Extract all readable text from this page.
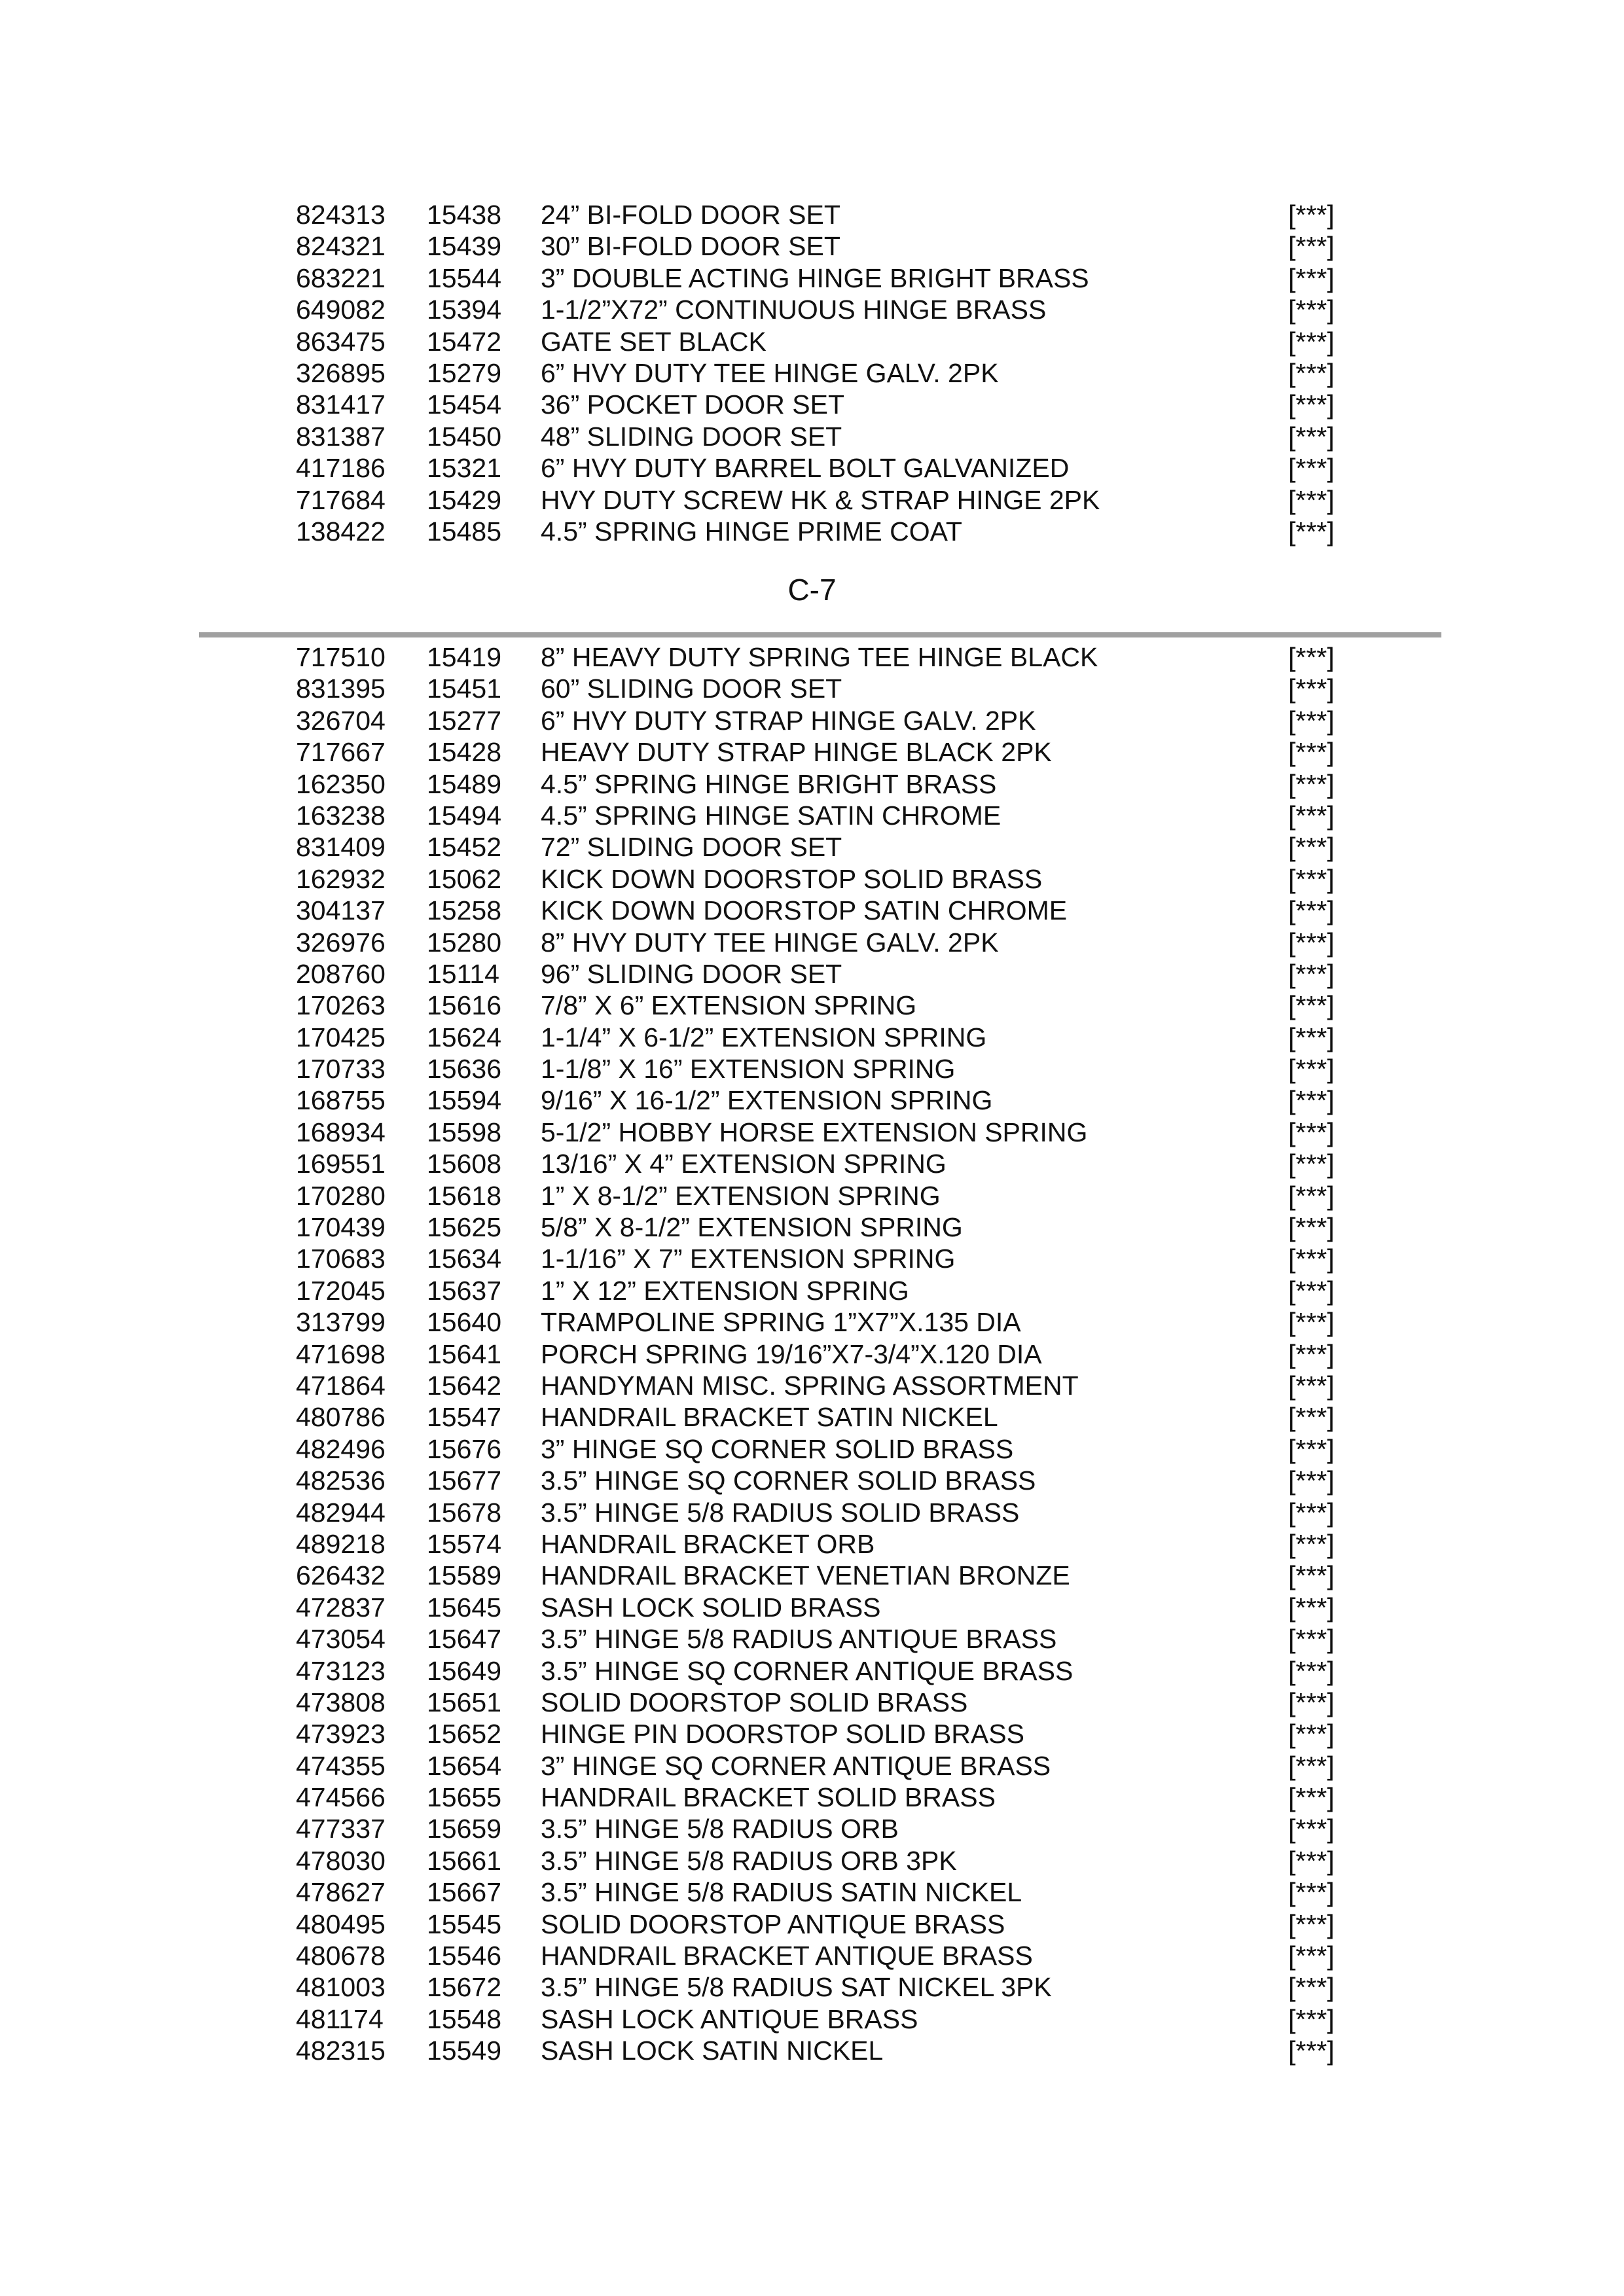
824313 15438 24” BI-FOLD DOOR SET	[***]
824321 15439 30” BI-FOLD DOOR SET	[***]
683221 15544 3” DOUBLE ACTING HINGE BRIGHT BRASS	[***]
649082 15394 1-1/2”X72” CONTINUOUS HINGE BRASS	[***]
863475 15472 GATE SET BLACK	[***]
326895 15279 6” HVY DUTY TEE HINGE GALV. 2PK	[***]
831417 15454 36” POCKET DOOR SET	[***]
831387 15450 48” SLIDING DOOR SET	[***]
417186 15321 6” HVY DUTY BARREL BOLT GALVANIZED	[***]
717684 15429 HVY DUTY SCREW HK & STRAP HINGE 2PK	[***]
138422 15485 4.5” SPRING HINGE PRIME COAT	[***]
C-7
717510 15419 8” HEAVY DUTY SPRING TEE HINGE BLACK	[***]
831395 15451 60” SLIDING DOOR SET	[***]
326704 15277 6” HVY DUTY STRAP HINGE GALV. 2PK	[***]
717667 15428 HEAVY DUTY STRAP HINGE BLACK 2PK	[***]
162350 15489 4.5” SPRING HINGE BRIGHT BRASS	[***]
163238 15494 4.5” SPRING HINGE SATIN CHROME	[***]
831409 15452 72” SLIDING DOOR SET	[***]
162932 15062 KICK DOWN DOORSTOP SOLID BRASS	[***]
304137 15258 KICK DOWN DOORSTOP SATIN CHROME	[***]
326976 15280 8” HVY DUTY TEE HINGE GALV. 2PK	[***]
208760 15114 96” SLIDING DOOR SET	[***]
170263 15616 7/8” X 6” EXTENSION SPRING	[***]
170425 15624 1-1/4” X 6-1/2” EXTENSION SPRING	[***]
170733 15636 1-1/8” X 16” EXTENSION SPRING	[***]
168755 15594 9/16” X 16-1/2” EXTENSION SPRING	[***]
168934 15598 5-1/2” HOBBY HORSE EXTENSION SPRING	[***]
169551 15608 13/16” X 4” EXTENSION SPRING	[***]
170280 15618 1” X 8-1/2” EXTENSION SPRING	[***]
170439 15625 5/8” X 8-1/2” EXTENSION SPRING	[***]
170683 15634 1-1/16” X 7” EXTENSION SPRING	[***]
172045 15637 1” X 12” EXTENSION SPRING	[***]
313799 15640 TRAMPOLINE SPRING 1”X7”X.135 DIA	[***]
471698 15641 PORCH SPRING 19/16”X7-3/4”X.120 DIA	[***]
471864 15642 HANDYMAN MISC. SPRING ASSORTMENT	[***]
480786 15547 HANDRAIL BRACKET SATIN NICKEL	[***]
482496 15676 3” HINGE SQ CORNER SOLID BRASS	[***]
482536 15677 3.5” HINGE SQ CORNER SOLID BRASS	[***]
482944 15678 3.5” HINGE 5/8 RADIUS SOLID BRASS	[***]
489218 15574 HANDRAIL BRACKET ORB	[***]
626432 15589 HANDRAIL BRACKET VENETIAN BRONZE	[***]
472837 15645 SASH LOCK SOLID BRASS	[***]
473054 15647 3.5” HINGE 5/8 RADIUS ANTIQUE BRASS	[***]
473123 15649 3.5” HINGE SQ CORNER ANTIQUE BRASS	[***]
473808 15651 SOLID DOORSTOP SOLID BRASS	[***]
473923 15652 HINGE PIN DOORSTOP SOLID BRASS	[***]
474355 15654 3” HINGE SQ CORNER ANTIQUE BRASS	[***]
474566 15655 HANDRAIL BRACKET SOLID BRASS	[***]
477337 15659 3.5” HINGE 5/8 RADIUS ORB	[***]
478030 15661 3.5” HINGE 5/8 RADIUS ORB 3PK	[***]
478627 15667 3.5” HINGE 5/8 RADIUS SATIN NICKEL	[***]
480495 15545 SOLID DOORSTOP ANTIQUE BRASS	[***]
480678 15546 HANDRAIL BRACKET ANTIQUE BRASS	[***]
481003 15672 3.5” HINGE 5/8 RADIUS SAT NICKEL 3PK	[***]
481174 15548 SASH LOCK ANTIQUE BRASS	[***]
482315 15549 SASH LOCK SATIN NICKEL	[***]
